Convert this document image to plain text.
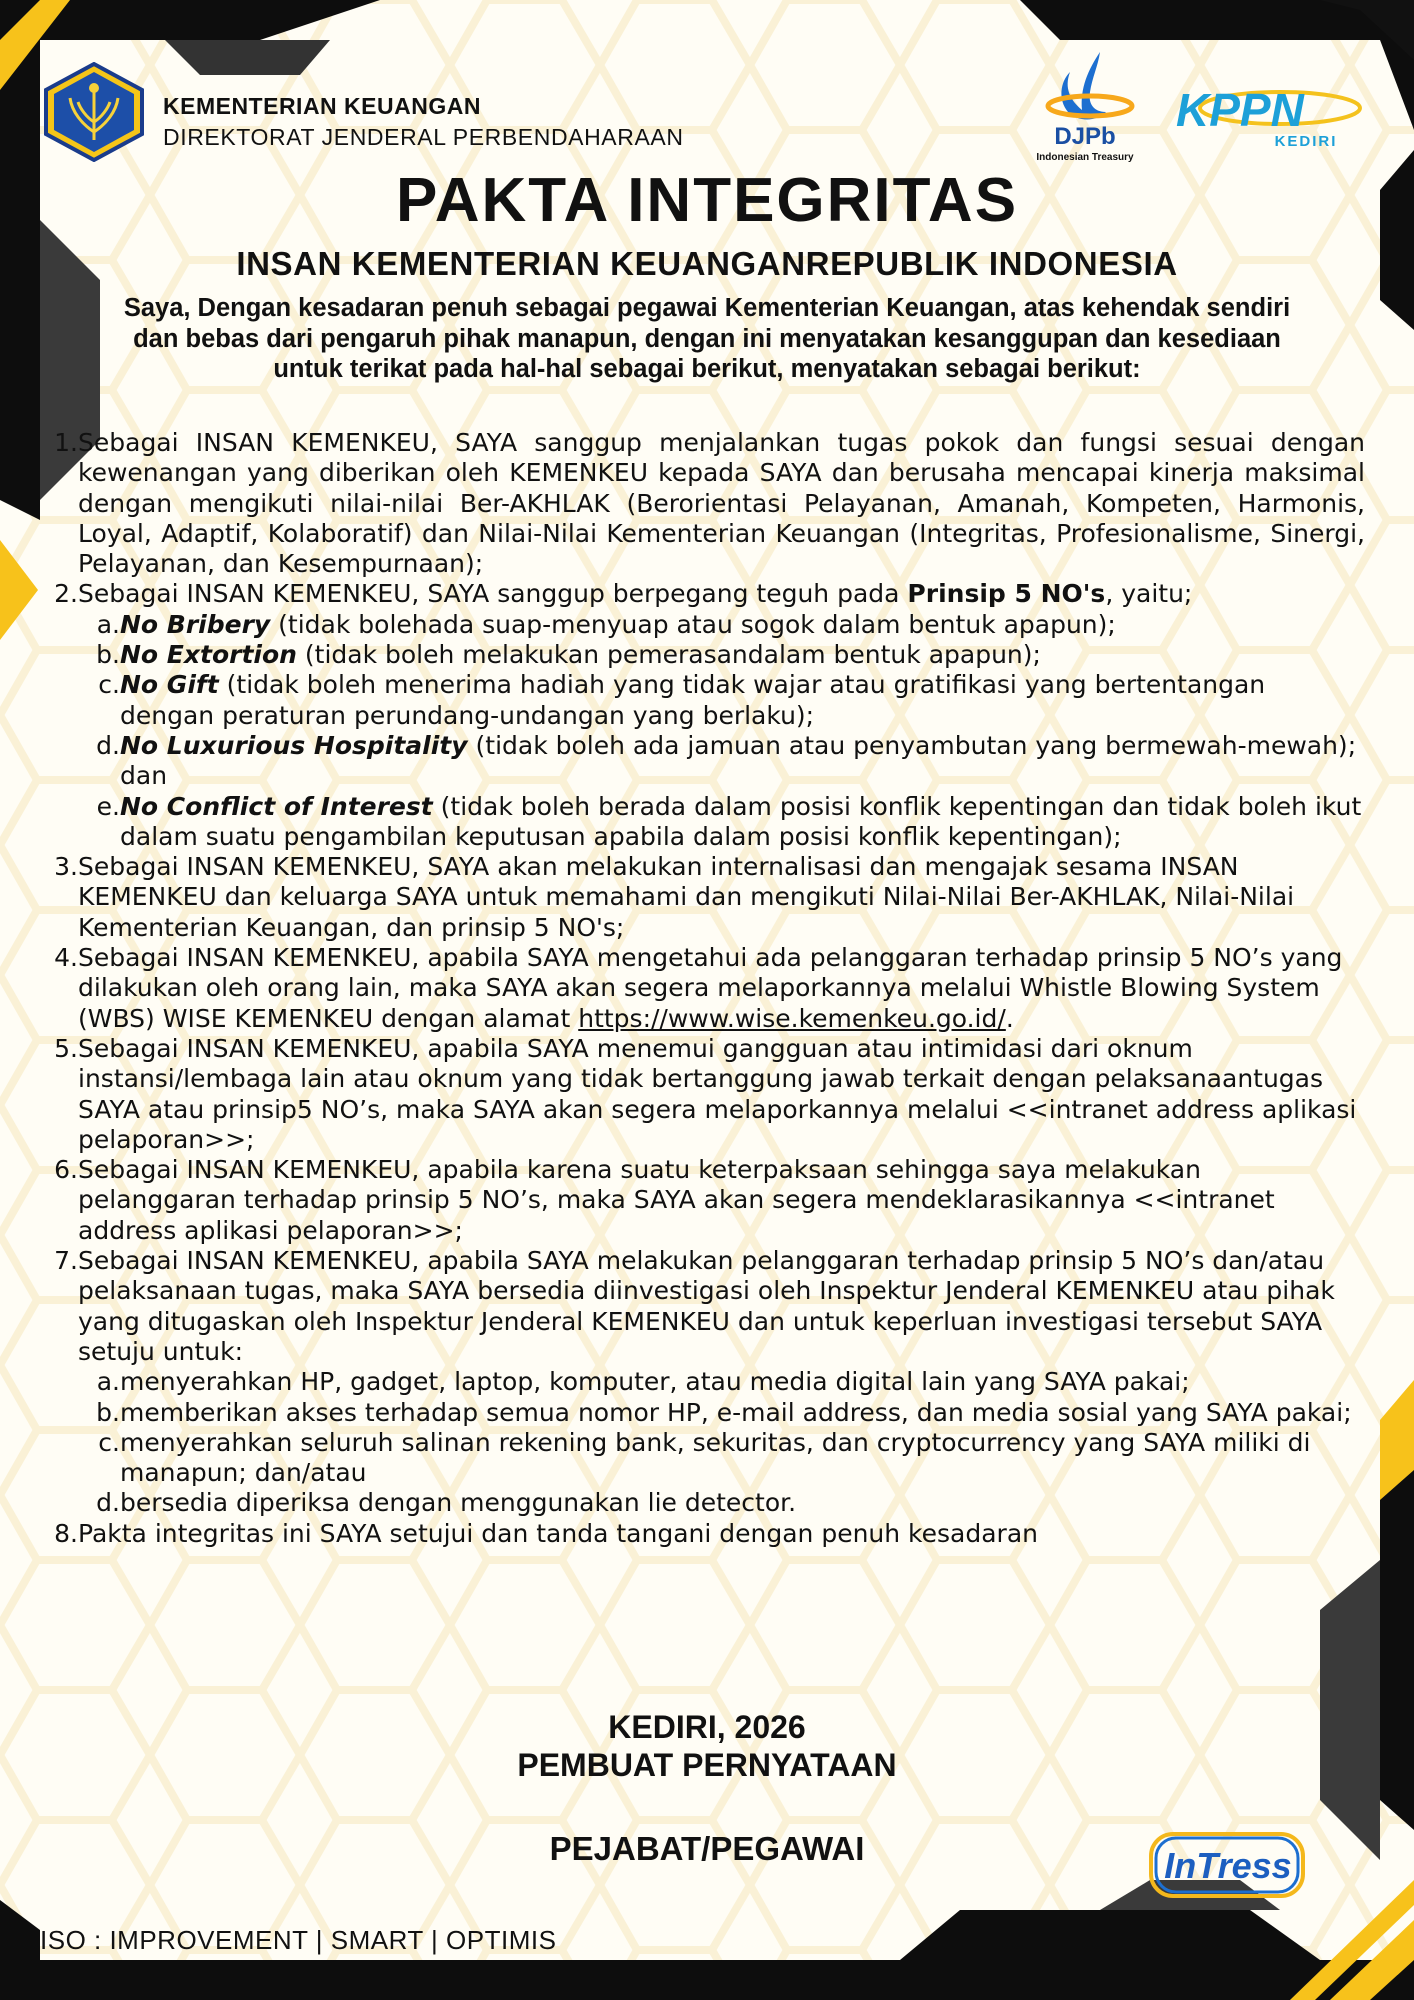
KEMENTERIAN KEUANGAN
DIREKTORAT JENDERAL PERBENDAHARAAN	DJPb
Indonesian Treasury
KPPN
KEDIRI
PAKTA INTEGRITAS
INSAN KEMENTERIAN KEUANGANREPUBLIK INDONESIA
Saya, Dengan kesadaran penuh sebagai pegawai Kementerian Keuangan, atas kehendak sendiri dan bebas dari pengaruh pihak manapun, dengan ini menyatakan kesanggupan dan kesediaan untuk terikat pada hal-hal sebagai berikut, menyatakan sebagai berikut:
1. Sebagai INSAN KEMENKEU, SAYA sanggup menjalankan tugas pokok dan fungsi sesuai dengan kewenangan yang diberikan oleh KEMENKEU kepada SAYA dan berusaha mencapai kinerja maksimal dengan mengikuti nilai-nilai Ber-AKHLAK (Berorientasi Pelayanan, Amanah, Kompeten, Harmonis, Loyal, Adaptif, Kolaboratif) dan Nilai-Nilai Kementerian Keuangan (Integritas, Profesionalisme, Sinergi, Pelayanan, dan Kesempurnaan);
2. Sebagai INSAN KEMENKEU, SAYA sanggup berpegang teguh pada Prinsip 5 NO's, yaitu;
a. No Bribery (tidak bolehada suap-menyuap atau sogok dalam bentuk apapun);
b. No Extortion (tidak boleh melakukan pemerasandalam bentuk apapun);
c. No Gift (tidak boleh menerima hadiah yang tidak wajar atau gratifikasi yang bertentangan dengan peraturan perundang-undangan yang berlaku);
d. No Luxurious Hospitality (tidak boleh ada jamuan atau penyambutan yang bermewah-mewah); dan
e. No Conflict of Interest (tidak boleh berada dalam posisi konflik kepentingan dan tidak boleh ikut dalam suatu pengambilan keputusan apabila dalam posisi konflik kepentingan);
3. Sebagai INSAN KEMENKEU, SAYA akan melakukan internalisasi dan mengajak sesama INSAN KEMENKEU dan keluarga SAYA untuk memahami dan mengikuti Nilai-Nilai Ber-AKHLAK, Nilai-Nilai Kementerian Keuangan, dan prinsip 5 NO's;
4. Sebagai INSAN KEMENKEU, apabila SAYA mengetahui ada pelanggaran terhadap prinsip 5 NO’s yang dilakukan oleh orang lain, maka SAYA akan segera melaporkannya melalui Whistle Blowing System (WBS) WISE KEMENKEU dengan alamat https://www.wise.kemenkeu.go.id/.
5. Sebagai INSAN KEMENKEU, apabila SAYA menemui gangguan atau intimidasi dari oknum instansi/lembaga lain atau oknum yang tidak bertanggung jawab terkait dengan pelaksanaantugas SAYA atau prinsip5 NO’s, maka SAYA akan segera melaporkannya melalui <<intranet address aplikasi pelaporan>>;
6. Sebagai INSAN KEMENKEU, apabila karena suatu keterpaksaan sehingga saya melakukan pelanggaran terhadap prinsip 5 NO’s, maka SAYA akan segera mendeklarasikannya <<intranet address aplikasi pelaporan>>;
7. Sebagai INSAN KEMENKEU, apabila SAYA melakukan pelanggaran terhadap prinsip 5 NO’s dan/atau pelaksanaan tugas, maka SAYA bersedia diinvestigasi oleh Inspektur Jenderal KEMENKEU atau pihak yang ditugaskan oleh Inspektur Jenderal KEMENKEU dan untuk keperluan investigasi tersebut SAYA setuju untuk:
a. menyerahkan HP, gadget, laptop, komputer, atau media digital lain yang SAYA pakai;
b. memberikan akses terhadap semua nomor HP, e-mail address, dan media sosial yang SAYA pakai;
c. menyerahkan seluruh salinan rekening bank, sekuritas, dan cryptocurrency yang SAYA miliki di manapun; dan/atau
d. bersedia diperiksa dengan menggunakan lie detector.
8. Pakta integritas ini SAYA setujui dan tanda tangani dengan penuh kesadaran
KEDIRI, 2026
PEMBUAT PERNYATAAN
PEJABAT/PEGAWAI	InTress
ISO : IMPROVEMENT | SMART | OPTIMIS
